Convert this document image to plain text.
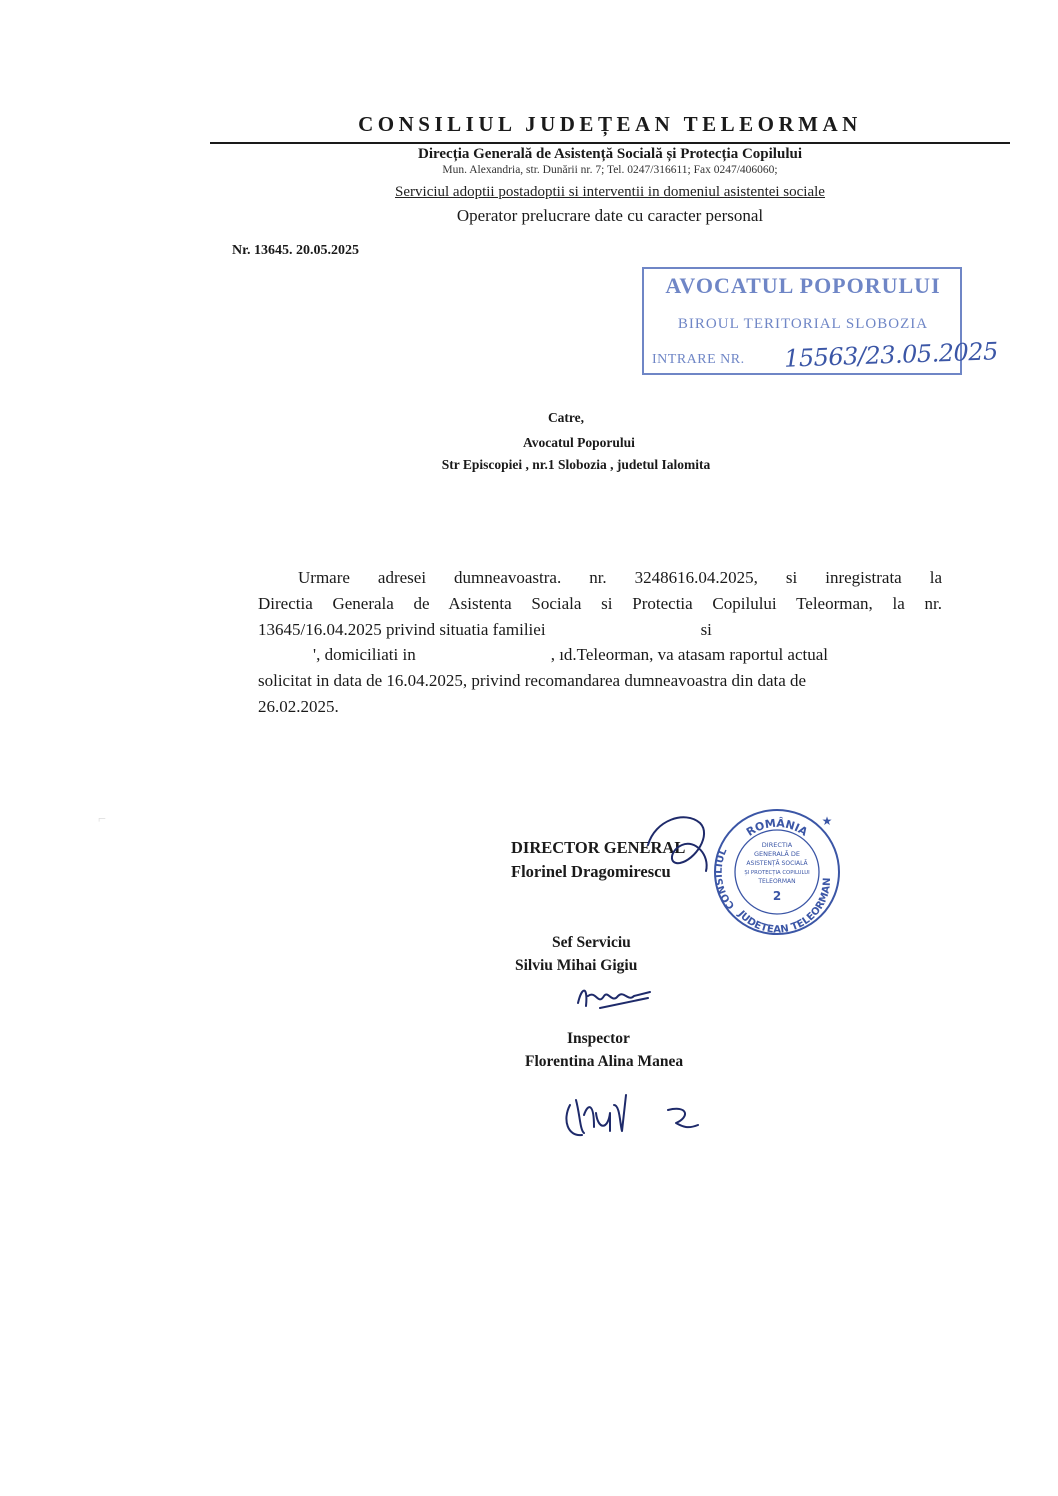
CONSILIUL JUDEȚEAN TELEORMAN
Direcția Generală de Asistență Socială și Protecția Copilului
Mun. Alexandria, str. Dunării nr. 7; Tel. 0247/316611; Fax 0247/406060;
Serviciul adoptii postadoptii si interventii in domeniul asistentei sociale
Operator prelucrare date cu caracter personal
Nr. 13645. 20.05.2025
AVOCATUL POPORULUI
BIROUL TERITORIAL SLOBOZIA
INTRARE NR. 15563/23.05.2025
Catre,
Avocatul Poporului
Str Episcopiei , nr.1 Slobozia , judetul Ialomita
Urmare adresei dumneavoastra. nr. 3248616.04.2025, si inregistrata la
Directia Generala de Asistenta Sociala si Protectia Copilului Teleorman, la nr.
13645/16.04.2025 privind situatia familiei	si
', domiciliati in	, ıd.Teleorman, va atasam raportul actual
solicitat in data de 16.04.2025, privind recomandarea dumneavoastra din data de
26.02.2025.
ROMÂNIA
JUDETEAN TELEORMAN
CONSILIUL
DIRECTIA
GENERALĂ DE
ASISTENȚĂ SOCIALĂ
ȘI PROTECȚIA COPILULUI
TELEORMAN
2
★
DIRECTOR GENERAL
Florinel Dragomirescu
Sef Serviciu
Silviu Mihai Gigiu
Inspector
Florentina Alina Manea
⌐
